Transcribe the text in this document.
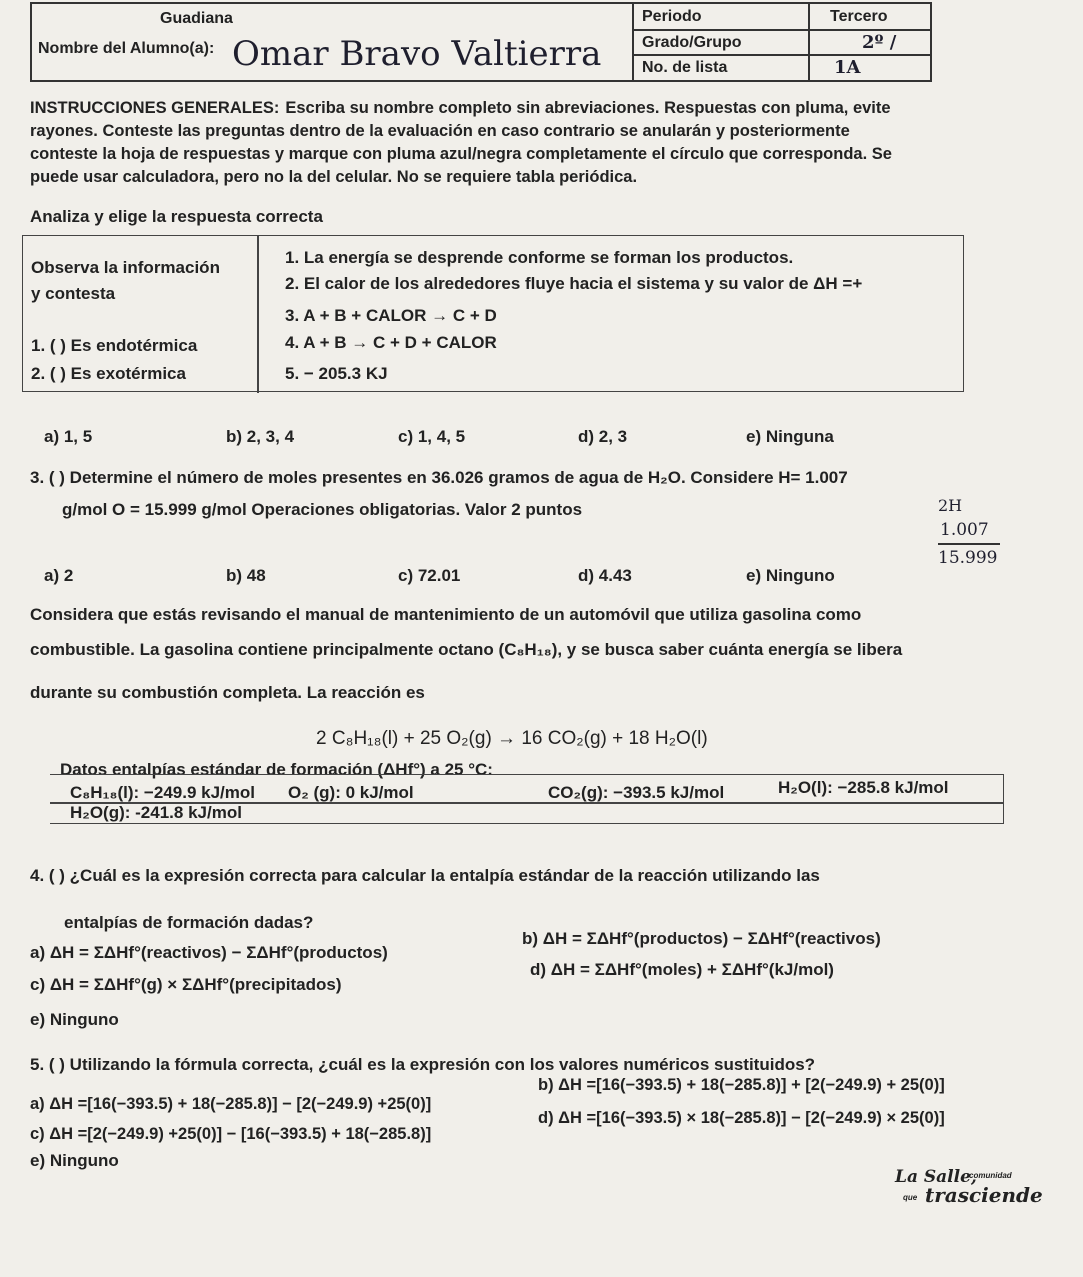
Guadiana
Nombre del Alumno(a): Omar Bravo Valtierra
Periodo	Tercero
Grado/Grupo	2º /
No. de lista	1A
INSTRUCCIONES GENERALES: Escriba su nombre completo sin abreviaciones. Respuestas con pluma, evite
rayones. Conteste las preguntas dentro de la evaluación en caso contrario se anularán y posteriormente
conteste la hoja de respuestas y marque con pluma azul/negra completamente el círculo que corresponda. Se
puede usar calculadora, pero no la del celular. No se requiere tabla periódica.
Analiza y elige la respuesta correcta
Observa la información
y contesta
1. ( ) Es endotérmica
2. ( ) Es exotérmica
1. La energía se desprende conforme se forman los productos.
2. El calor de los alrededores fluye hacia el sistema y su valor de ΔH =+
3. A + B + CALOR → C + D
4. A + B → C + D + CALOR
5. − 205.3 KJ
a) 1, 5	b) 2, 3, 4	c) 1, 4, 5	d) 2, 3	e) Ninguna
3. ( ) Determine el número de moles presentes en 36.026 gramos de agua de H₂O. Considere H= 1.007
g/mol O = 15.999 g/mol Operaciones obligatorias. Valor 2 puntos	2H
1.007
15.999
a) 2	b) 48	c) 72.01	d) 4.43	e) Ninguno
Considera que estás revisando el manual de mantenimiento de un automóvil que utiliza gasolina como
combustible. La gasolina contiene principalmente octano (C₈H₁₈), y se busca saber cuánta energía se libera
durante su combustión completa. La reacción es
2 C₈H₁₈(l) + 25 O₂(g) → 16 CO₂(g) + 18 H₂O(l)
Datos entalpías estándar de formación (ΔHf°) a 25 °C:
C₈H₁₈(l): −249.9 kJ/mol O₂ (g): 0 kJ/mol	CO₂(g): −393.5 kJ/mol	H₂O(l): −285.8 kJ/mol
H₂O(g): -241.8 kJ/mol
4. ( ) ¿Cuál es la expresión correcta para calcular la entalpía estándar de la reacción utilizando las
entalpías de formación dadas?
a) ΔH = ΣΔHf°(reactivos) − ΣΔHf°(productos)
b) ΔH = ΣΔHf°(productos) − ΣΔHf°(reactivos)
c) ΔH = ΣΔHf°(g) × ΣΔHf°(precipitados)
d) ΔH = ΣΔHf°(moles) + ΣΔHf°(kJ/mol)
e) Ninguno
5. ( ) Utilizando la fórmula correcta, ¿cuál es la expresión con los valores numéricos sustituidos?
a) ΔH =[16(−393.5) + 18(−285.8)] − [2(−249.9) +25(0)]
b) ΔH =[16(−393.5) + 18(−285.8)] + [2(−249.9) + 25(0)]
c) ΔH =[2(−249.9) +25(0)] − [16(−393.5) + 18(−285.8)]
d) ΔH =[16(−393.5) × 18(−285.8)] − [2(−249.9) × 25(0)]
e) Ninguno
La Salle,
comunidad
que trasciende
